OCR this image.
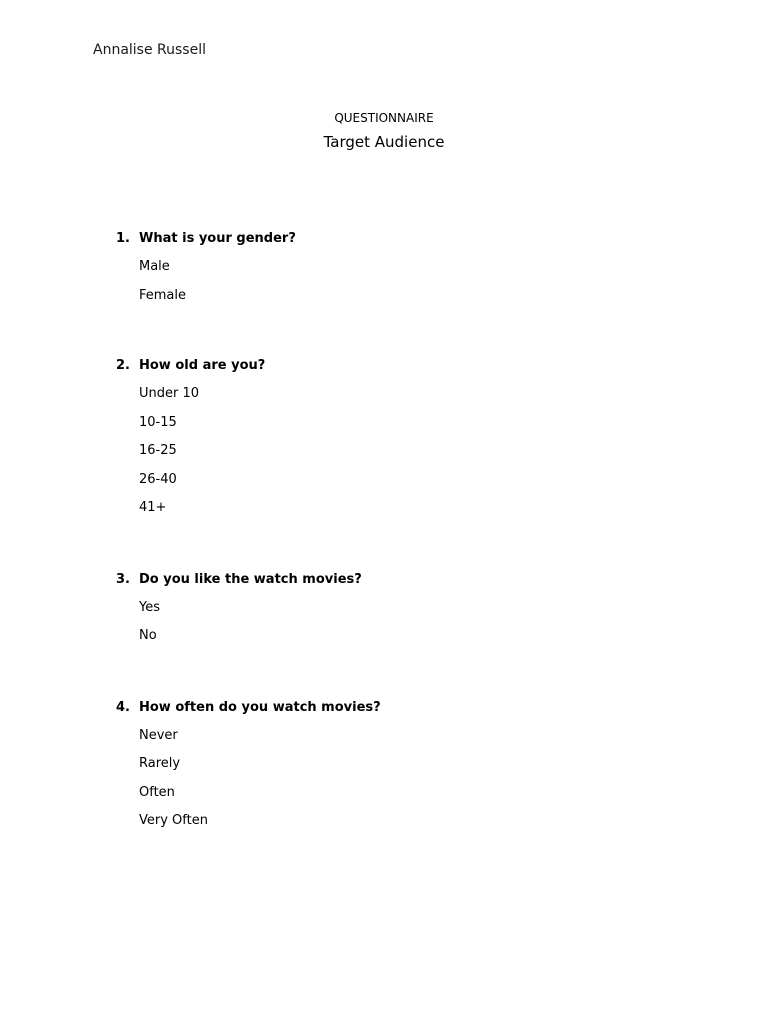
Annalise Russell
QUESTIONNAIRE
Target Audience
1. What is your gender?
Male
Female
2. How old are you?
Under 10
10-15
16-25
26-40
41+
3. Do you like the watch movies?
Yes
No
4. How often do you watch movies?
Never
Rarely
Often
Very Often
